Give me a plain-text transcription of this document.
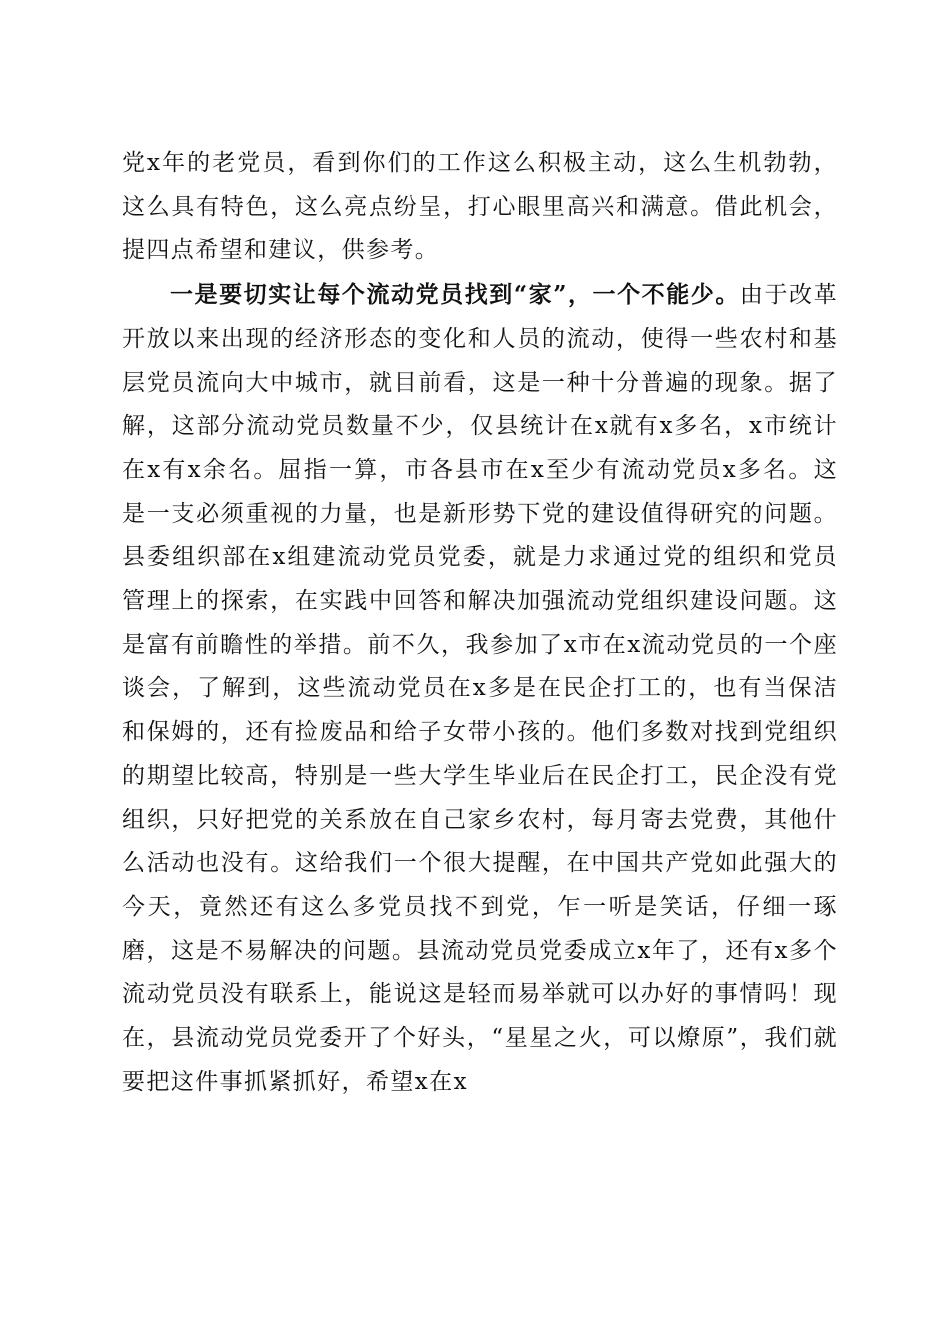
党x年的老党员，看到你们的工作这么积极主动，这么生机勃勃，这么具有特色，这么亮点纷呈，打心眼里高兴和满意。借此机会，提四点希望和建议，供参考。

一是要切实让每个流动党员找到“家”，一个不能少。由于改革开放以来出现的经济形态的变化和人员的流动，使得一些农村和基层党员流向大中城市，就目前看，这是一种十分普遍的现象。据了解，这部分流动党员数量不少，仅县统计在x就有x多名，x市统计在x有x余名。屈指一算，市各县市在x至少有流动党员x多名。这是一支必须重视的力量，也是新形势下党的建设值得研究的问题。县委组织部在x组建流动党员党委，就是力求通过党的组织和党员管理上的探索，在实践中回答和解决加强流动党组织建设问题。这是富有前瞻性的举措。前不久，我参加了x市在x流动党员的一个座谈会，了解到，这些流动党员在x多是在民企打工的，也有当保洁和保姆的，还有捡废品和给子女带小孩的。他们多数对找到党组织的期望比较高，特别是一些大学生毕业后在民企打工，民企没有党组织，只好把党的关系放在自己家乡农村，每月寄去党费，其他什么活动也没有。这给我们一个很大提醒，在中国共产党如此强大的今天，竟然还有这么多党员找不到党，乍一听是笑话，仔细一琢磨，这是不易解决的问题。县流动党员党委成立x年了，还有x多个流动党员没有联系上，能说这是轻而易举就可以办好的事情吗！现在，县流动党员党委开了个好头，“星星之火，可以燎原”，我们就要把这件事抓紧抓好，希望x在x
